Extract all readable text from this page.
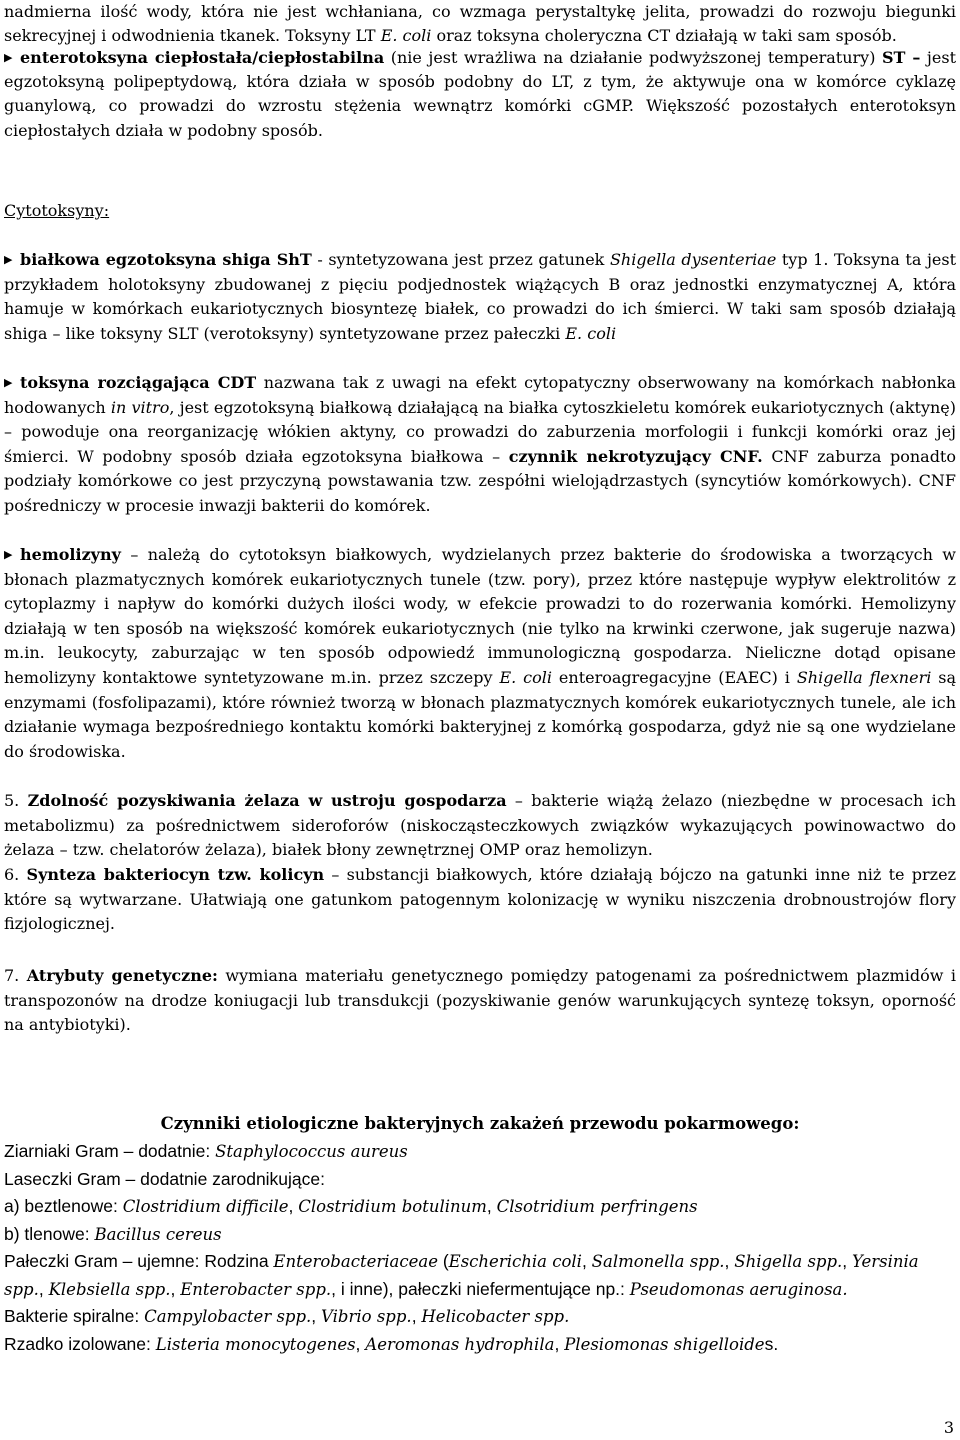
nadmierna ilość wody, która nie jest wchłaniana, co wzmaga perystaltykę jelita, prowadzi do rozwoju biegunki sekrecyjnej i odwodnienia tkanek. Toksyny LT E. coli oraz toksyna choleryczna CT działają w taki sam sposób.

▶ enterotoksyna ciepłostała/ciepłostabilna (nie jest wrażliwa na działanie podwyższonej temperatury) ST – jest egzotoksyną polipeptydową, która działa w sposób podobny do LT, z tym, że aktywuje ona w komórce cyklazę guanylową, co prowadzi do wzrostu stężenia wewnątrz komórki cGMP. Większość pozostałych enterotoksyn ciepłostałych działa w podobny sposób.

Cytotoksyny:

▶ białkowa egzotoksyna shiga ShT - syntetyzowana jest przez gatunek Shigella dysenteriae typ 1. Toksyna ta jest przykładem holotoksyny zbudowanej z pięciu podjednostek wiążących B oraz jednostki enzymatycznej A, która hamuje w komórkach eukariotycznych biosyntezę białek, co prowadzi do ich śmierci. W taki sam sposób działają shiga – like toksyny SLT (verotoksyny) syntetyzowane przez pałeczki E. coli

▶ toksyna rozciągająca CDT nazwana tak z uwagi na efekt cytopatyczny obserwowany na komórkach nabłonka hodowanych in vitro, jest egzotoksyną białkową działającą na białka cytoszkieletu komórek eukariotycznych (aktynę) – powoduje ona reorganizację włókien aktyny, co prowadzi do zaburzenia morfologii i funkcji komórki oraz jej śmierci. W podobny sposób działa egzotoksyna białkowa – czynnik nekrotyzujący CNF. CNF zaburza ponadto podziały komórkowe co jest przyczyną powstawania tzw. zespółni wielojądrzastych (syncytiów komórkowych). CNF pośredniczy w procesie inwazji bakterii do komórek.

▶ hemolizyny – należą do cytotoksyn białkowych, wydzielanych przez bakterie do środowiska a tworzących w błonach plazmatycznych komórek eukariotycznych tunele (tzw. pory), przez które następuje wypływ elektrolitów z cytoplazmy i napływ do komórki dużych ilości wody, w efekcie prowadzi to do rozerwania komórki. Hemolizyny działają w ten sposób na większość komórek eukariotycznych (nie tylko na krwinki czerwone, jak sugeruje nazwa) m.in. leukocyty, zaburzając w ten sposób odpowiedź immunologiczną gospodarza. Nieliczne dotąd opisane hemolizyny kontaktowe syntetyzowane m.in. przez szczepy E. coli enteroagregacyjne (EAEC) i Shigella flexneri są enzymami (fosfolipazami), które również tworzą w błonach plazmatycznych komórek eukariotycznych tunele, ale ich działanie wymaga bezpośredniego kontaktu komórki bakteryjnej z komórką gospodarza, gdyż nie są one wydzielane do środowiska.

5. Zdolność pozyskiwania żelaza w ustroju gospodarza – bakterie wiążą żelazo (niezbędne w procesach ich metabolizmu) za pośrednictwem sideroforów (niskocząsteczkowych związków wykazujących powinowactwo do żelaza – tzw. chelatorów żelaza), białek błony zewnętrznej OMP oraz hemolizyn.

6. Synteza bakteriocyn tzw. kolicyn – substancji białkowych, które działają bójczo na gatunki inne niż te przez które są wytwarzane. Ułatwiają one gatunkom patogennym kolonizację w wyniku niszczenia drobnoustrojów flory fizjologicznej.

7. Atrybuty genetyczne: wymiana materiału genetycznego pomiędzy patogenami za pośrednictwem plazmidów i transpozonów na drodze koniugacji lub transdukcji (pozyskiwanie genów warunkujących syntezę toksyn, oporność na antybiotyki).

Czynniki etiologiczne bakteryjnych zakażeń przewodu pokarmowego:
Ziarniaki Gram – dodatnie: Staphylococcus aureus
Laseczki Gram – dodatnie zarodnikujące:
a) beztlenowe: Clostridium difficile, Clostridium botulinum, Clsotridium perfringens
b) tlenowe: Bacillus cereus
Pałeczki Gram – ujemne: Rodzina Enterobacteriaceae (Escherichia coli, Salmonella spp., Shigella spp., Yersinia spp., Klebsiella spp., Enterobacter spp., i inne), pałeczki niefermentujące np.: Pseudomonas aeruginosa.
Bakterie spiralne: Campylobacter spp., Vibrio spp., Helicobacter spp.
Rzadko izolowane: Listeria monocytogenes, Aeromonas hydrophila, Plesiomonas shigelloides.
3
